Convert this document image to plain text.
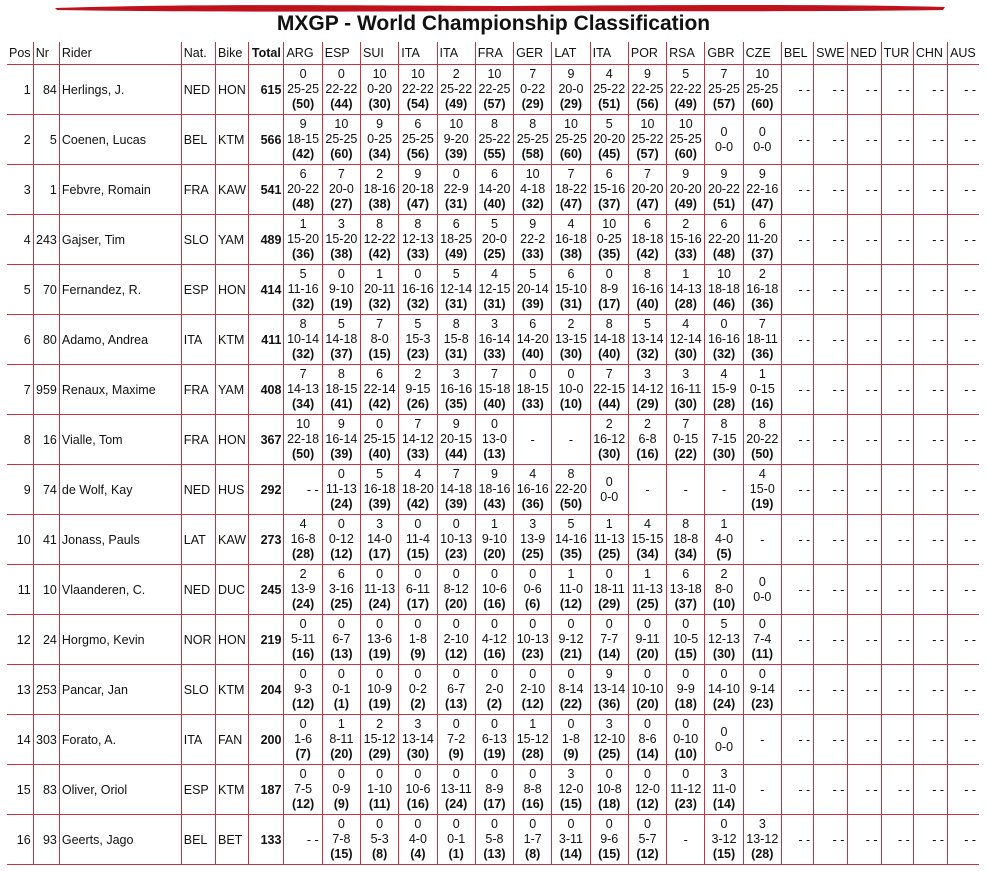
MXGP - World Championship Classification
Pos	Nr	Rider	Nat.	Bike	Total	ARG	ESP	SUI	ITA	ITA	FRA	GER	LAT	ITA	POR	RSA	GBR	CZE	BEL	SWE	NED	TUR	CHN	AUS
1	84	Herlings, J.	NED	HON	615	0
25-25
(50)	0
22-22
(44)	10
0-20
(30)	10
22-22
(54)	2
25-22
(49)	10
22-25
(57)	7
0-22
(29)	9
20-0
(29)	4
25-22
(51)	9
22-25
(56)	5
22-22
(49)	7
25-25
(57)	10
25-25
(60)	- -	- -	- -	- -	- -	- -
2	5	Coenen, Lucas	BEL	KTM	566	9
18-15
(42)	10
25-25
(60)	9
0-25
(34)	6
25-25
(56)	10
9-20
(39)	8
25-22
(55)	8
25-25
(58)	10
25-25
(60)	5
20-20
(45)	10
25-22
(57)	10
25-25
(60)	0
0-0	0
0-0	- -	- -	- -	- -	- -	- -
3	1	Febvre, Romain	FRA	KAW	541	6
20-22
(48)	7
20-0
(27)	2
18-16
(38)	9
20-18
(47)	0
22-9
(31)	6
14-20
(40)	10
4-18
(32)	7
18-22
(47)	6
15-16
(37)	7
20-20
(47)	9
20-20
(49)	9
20-22
(51)	9
22-16
(47)	- -	- -	- -	- -	- -	- -
4	243	Gajser, Tim	SLO	YAM	489	1
15-20
(36)	3
15-20
(38)	8
12-22
(42)	8
12-13
(33)	6
18-25
(49)	5
20-0
(25)	9
22-2
(33)	4
16-18
(38)	10
0-25
(35)	6
18-18
(42)	2
15-16
(33)	6
22-20
(48)	6
11-20
(37)	- -	- -	- -	- -	- -	- -
5	70	Fernandez, R.	ESP	HON	414	5
11-16
(32)	0
9-10
(19)	1
20-11
(32)	0
16-16
(32)	5
12-14
(31)	4
12-15
(31)	5
20-14
(39)	6
15-10
(31)	0
8-9
(17)	8
16-16
(40)	1
14-13
(28)	10
18-18
(46)	2
16-18
(36)	- -	- -	- -	- -	- -	- -
6	80	Adamo, Andrea	ITA	KTM	411	8
10-14
(32)	5
14-18
(37)	7
8-0
(15)	5
15-3
(23)	8
15-8
(31)	3
16-14
(33)	6
14-20
(40)	2
13-15
(30)	8
14-18
(40)	5
13-14
(32)	4
12-14
(30)	0
16-16
(32)	7
18-11
(36)	- -	- -	- -	- -	- -	- -
7	959	Renaux, Maxime	FRA	YAM	408	7
14-13
(34)	8
18-15
(41)	6
22-14
(42)	2
9-15
(26)	3
16-16
(35)	7
15-18
(40)	0
18-15
(33)	0
10-0
(10)	7
22-15
(44)	3
14-12
(29)	3
16-11
(30)	4
15-9
(28)	1
0-15
(16)	- -	- -	- -	- -	- -	- -
8	16	Vialle, Tom	FRA	HON	367	10
22-18
(50)	9
16-14
(39)	0
25-15
(40)	7
14-12
(33)	9
20-15
(44)	0
13-0
(13)	-	-	2
16-12
(30)	2
6-8
(16)	7
0-15
(22)	8
7-15
(30)	8
20-22
(50)	- -	- -	- -	- -	- -	- -
9	74	de Wolf, Kay	NED	HUS	292	- -	0
11-13
(24)	5
16-18
(39)	4
18-20
(42)	7
14-18
(39)	9
18-16
(43)	4
16-16
(36)	8
22-20
(50)	0
0-0	-	-	-	4
15-0
(19)	- -	- -	- -	- -	- -	- -
10	41	Jonass, Pauls	LAT	KAW	273	4
16-8
(28)	0
0-12
(12)	3
14-0
(17)	0
11-4
(15)	0
10-13
(23)	1
9-10
(20)	3
13-9
(25)	5
14-16
(35)	1
11-13
(25)	4
15-15
(34)	8
18-8
(34)	1
4-0
(5)	-	- -	- -	- -	- -	- -	- -
11	10	Vlaanderen, C.	NED	DUC	245	2
13-9
(24)	6
3-16
(25)	0
11-13
(24)	0
6-11
(17)	0
8-12
(20)	0
10-6
(16)	0
0-6
(6)	1
11-0
(12)	0
18-11
(29)	1
11-13
(25)	6
13-18
(37)	2
8-0
(10)	0
0-0	- -	- -	- -	- -	- -	- -
12	24	Horgmo, Kevin	NOR	HON	219	0
5-11
(16)	0
6-7
(13)	0
13-6
(19)	0
1-8
(9)	0
2-10
(12)	0
4-12
(16)	0
10-13
(23)	0
9-12
(21)	0
7-7
(14)	0
9-11
(20)	0
10-5
(15)	5
12-13
(30)	0
7-4
(11)	- -	- -	- -	- -	- -	- -
13	253	Pancar, Jan	SLO	KTM	204	0
9-3
(12)	0
0-1
(1)	0
10-9
(19)	0
0-2
(2)	0
6-7
(13)	0
2-0
(2)	0
2-10
(12)	0
8-14
(22)	9
13-14
(36)	0
10-10
(20)	0
9-9
(18)	0
14-10
(24)	0
9-14
(23)	- -	- -	- -	- -	- -	- -
14	303	Forato, A.	ITA	FAN	200	0
1-6
(7)	1
8-11
(20)	2
15-12
(29)	3
13-14
(30)	0
7-2
(9)	0
6-13
(19)	1
15-12
(28)	0
1-8
(9)	3
12-10
(25)	0
8-6
(14)	0
0-10
(10)	0
0-0	-	- -	- -	- -	- -	- -	- -
15	83	Oliver, Oriol	ESP	KTM	187	0
7-5
(12)	0
0-9
(9)	0
1-10
(11)	0
10-6
(16)	0
13-11
(24)	0
8-9
(17)	0
8-8
(16)	3
12-0
(15)	0
10-8
(18)	0
12-0
(12)	0
11-12
(23)	3
11-0
(14)	-	- -	- -	- -	- -	- -	- -
16	93	Geerts, Jago	BEL	BET	133	- -	0
7-8
(15)	0
5-3
(8)	0
4-0
(4)	0
0-1
(1)	0
5-8
(13)	0
1-7
(8)	0
3-11
(14)	0
9-6
(15)	0
5-7
(12)	-	0
3-12
(15)	3
13-12
(28)	- -	- -	- -	- -	- -	- -
